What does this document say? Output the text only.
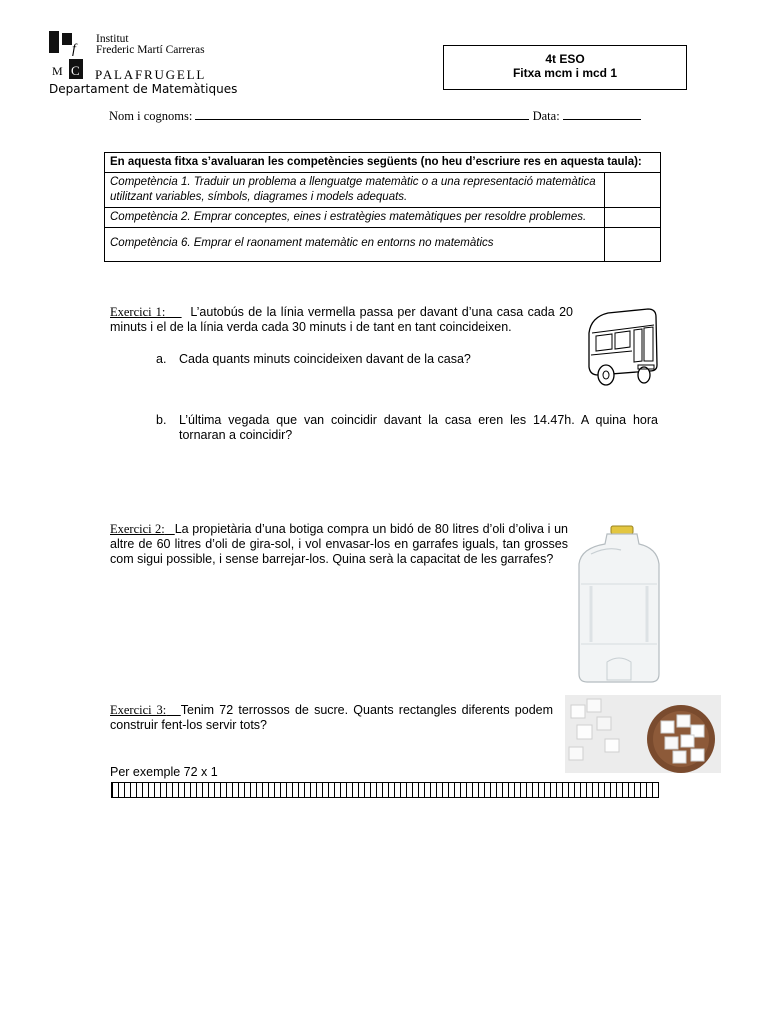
f
M C
Institut
Frederic Martí Carreras
PALAFRUGELL
Departament de Matemàtiques
4t ESO
Fitxa mcm i mcd 1
Nom i cognoms:	Data:
En aquesta fitxa s’avaluaran les competències següents (no heu d’escriure res en aquesta taula):	
Competència 1. Traduir un problema a llenguatge matemàtic o a una representació matemàtica utilitzant variables, símbols, diagrames i models adequats.	
Competència 2. Emprar conceptes, eines i estratègies matemàtiques per resoldre problemes.	
Competència 6. Emprar el raonament matemàtic en entorns no matemàtics	
Exercici 1: L’autobús de la línia vermella passa per davant d’una casa cada 20 minuts i el de la línia verda cada 30 minuts i de tant en tant coincideixen.
a. Cada quants minuts coincideixen davant de la casa?
b. L’última vegada que van coincidir davant la casa eren les 14.47h. A quina hora tornaran a coincidir?
Exercici 2: La propietària d’una botiga compra un bidó de 80 litres d’oli d’oliva i un altre de 60 litres d’oli de gira-sol, i vol envasar-los en garrafes iguals, tan grosses com sigui possible, i sense barrejar-los. Quina serà la capacitat de les garrafes?
Exercici 3: Tenim 72 terrossos de sucre. Quants rectangles diferents podem construir fent-los servir tots?
Per exemple 72 x 1
